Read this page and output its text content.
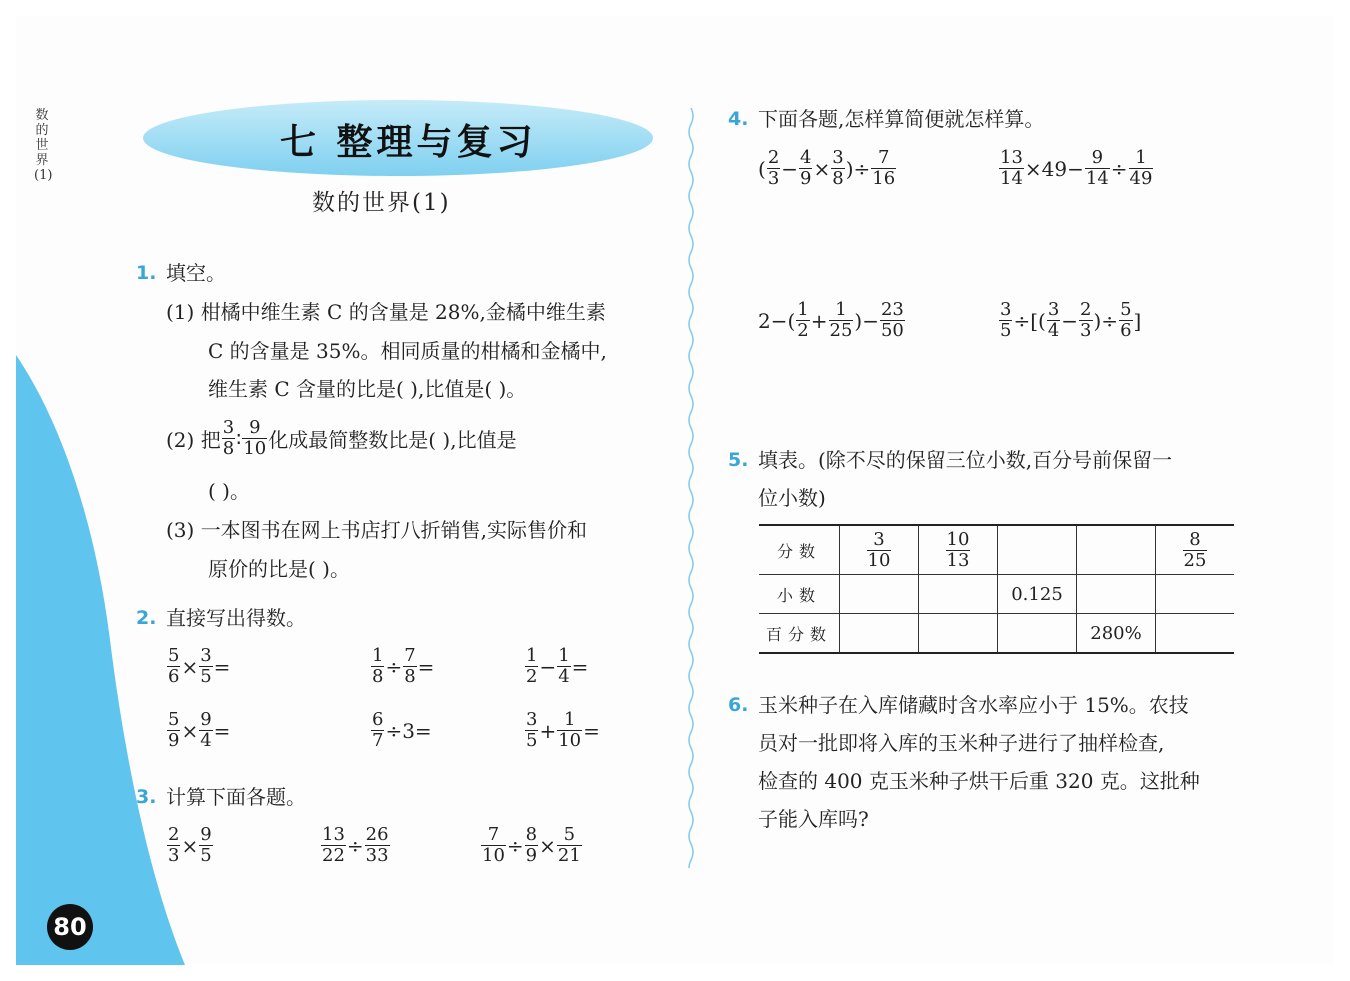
数的世界(1)
80
七 整理与复习
数的世界(1)
1. 填空。
(1) 柑橘中维生素 C 的含量是 28%,金橘中维生素
C 的含量是 35%。相同质量的柑橘和金橘中,
维生素 C 含量的比是( ),比值是( )。
(2) 把 $\frac{3}{8}$ ∶ $\frac{9}{10}$ 化成最简整数比是( ),比值是
( )。
(3) 一本图书在网上书店打八折销售,实际售价和
原价的比是( )。
2. 直接写出得数。
$\frac{5}{6} \times \frac{3}{5}$ =	$\frac{1}{8} \div \frac{7}{8}$ =	$\frac{1}{2} - \frac{1}{4}$ =
$\frac{5}{9} \times \frac{9}{4}$ =	$\frac{6}{7} \div 3=$	$\frac{3}{5} + \frac{1}{10}$ =
3. 计算下面各题。
$\frac{2}{3} \times \frac{9}{5}$	$\frac{13}{22} \div \frac{26}{33}$	$\frac{7}{10} \div \frac{8}{9} \times \frac{5}{21}$
4. 下面各题,怎样算简便就怎样算。
( $\frac{2}{3} - \frac{4}{9} \times \frac{3}{8}$ )÷ $\frac{7}{16}$	$\frac{13}{14} \times 49- \frac{9}{14} \div \frac{1}{49}$
$2-( \frac{1}{2} + \frac{1}{25}$ )− $\frac{23}{50}$	$\frac{3}{5}$ ÷[( $\frac{3}{4} - \frac{2}{3}$ )÷ $\frac{5}{6}$ ]
5. 填表。(除不尽的保留三位小数,百分号前保留一
位小数)
分数	$\frac{3}{10}$	$\frac{10}{13}$			$\frac{8}{25}$

小数			0.125		
百分数				280%	
6. 玉米种子在入库储藏时含水率应小于 15%。农技
员对一批即将入库的玉米种子进行了抽样检查,
检查的 400 克玉米种子烘干后重 320 克。这批种
子能入库吗?
